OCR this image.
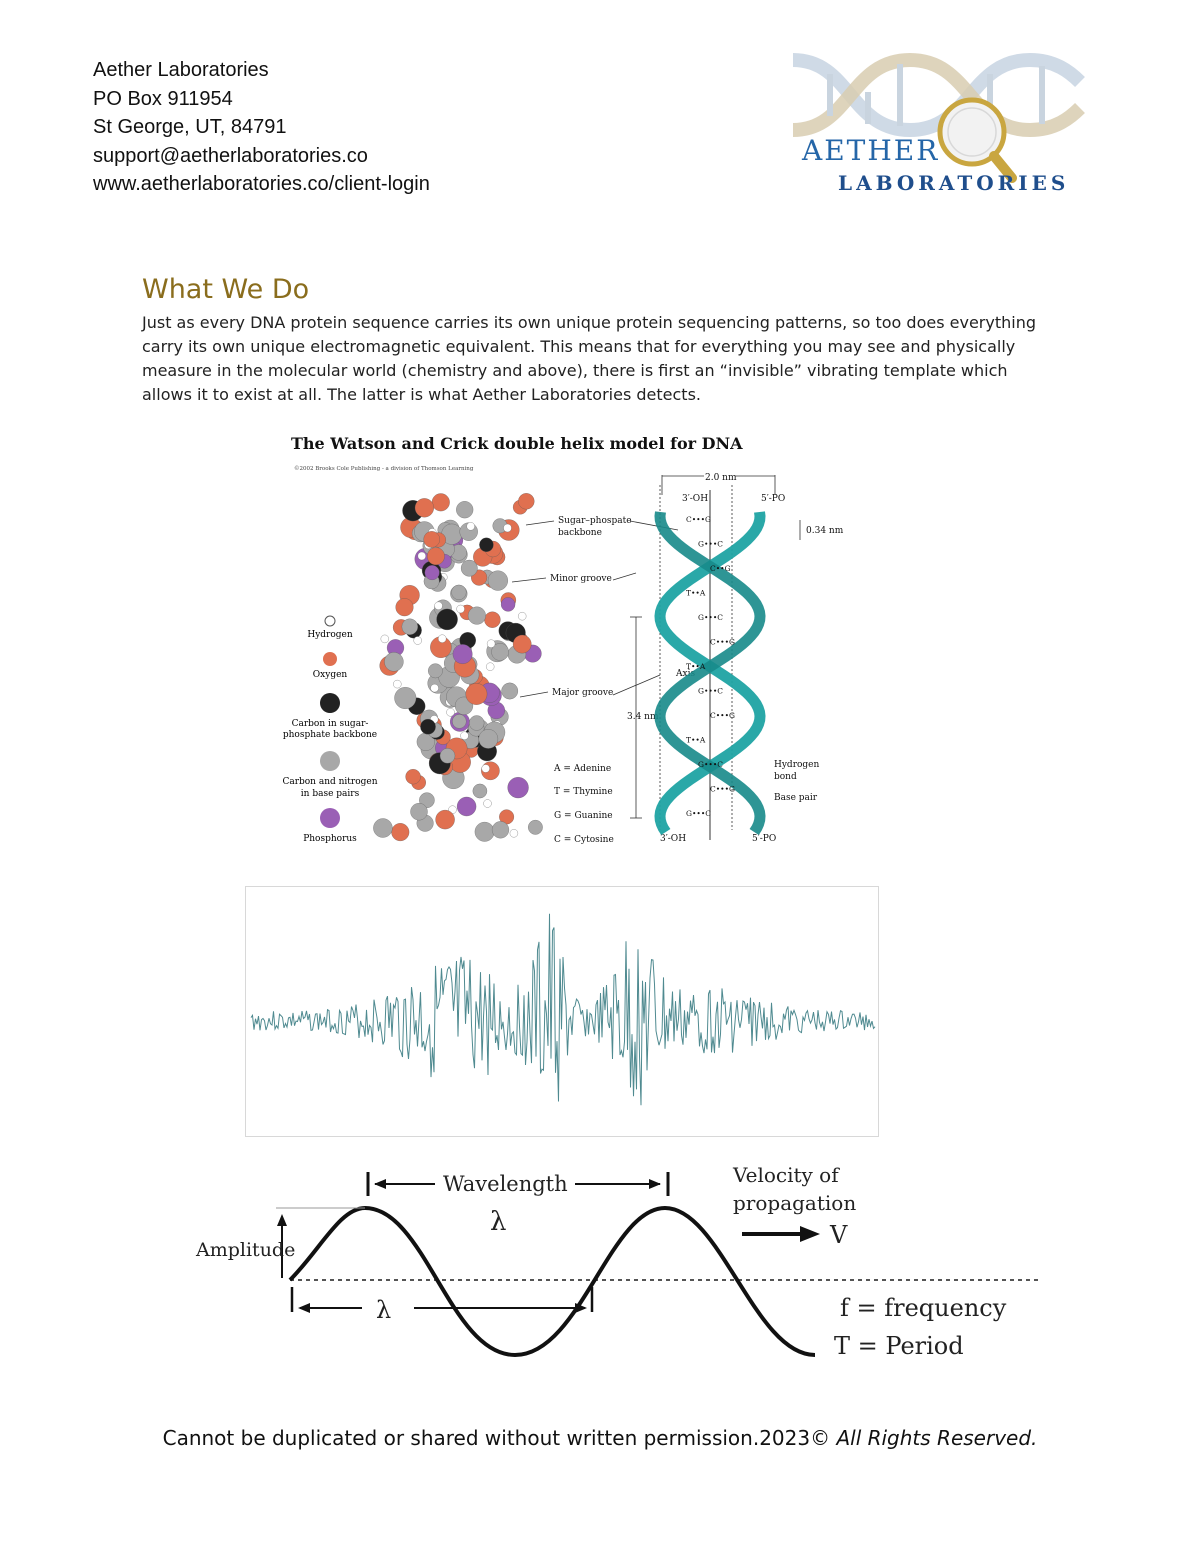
Aether Laboratories
PO Box 911954
St George, UT, 84791
support@aetherlaboratories.co
www.aetherlaboratories.co/client-login
AETHER
LABORATORIES
What We Do
Just as every DNA protein sequence carries its own unique protein sequencing patterns, so too does everything carry its own unique electromagnetic equivalent. This means that for everything you may see and physically measure in the molecular world (chemistry and above), there is first an “invisible” vibrating template which allows it to exist at all. The latter is what Aether Laboratories detects.
The Watson and Crick double helix model for DNA
©2002 Brooks Cole Publishing - a division of Thomson Learning
Hydrogen
Oxygen
Carbon in sugar-
phosphate backbone
Carbon and nitrogen
in base pairs
Phosphorus
Sugar–phospate
backbone
Minor groove
Major groove
A = Adenine
T = Thymine
G = Guanine
C = Cytosine
2.0 nm
0.34 nm
3.4 nm
3′-OH	5′-PO
3′-OH	5′-PO
Axis
Hydrogen
bond
Base pair
C•••G
G•••C
C••G
T••A
G•••C
C•••G
T••A
G•••C
C•••G
T••A
G•••C
C•••G
G•••C
Wavelength
λ
λ
Amplitude
Velocity of
propagation
V
f = frequency
T = Period
Cannot be duplicated or shared without written permission.2023© All Rights Reserved.
